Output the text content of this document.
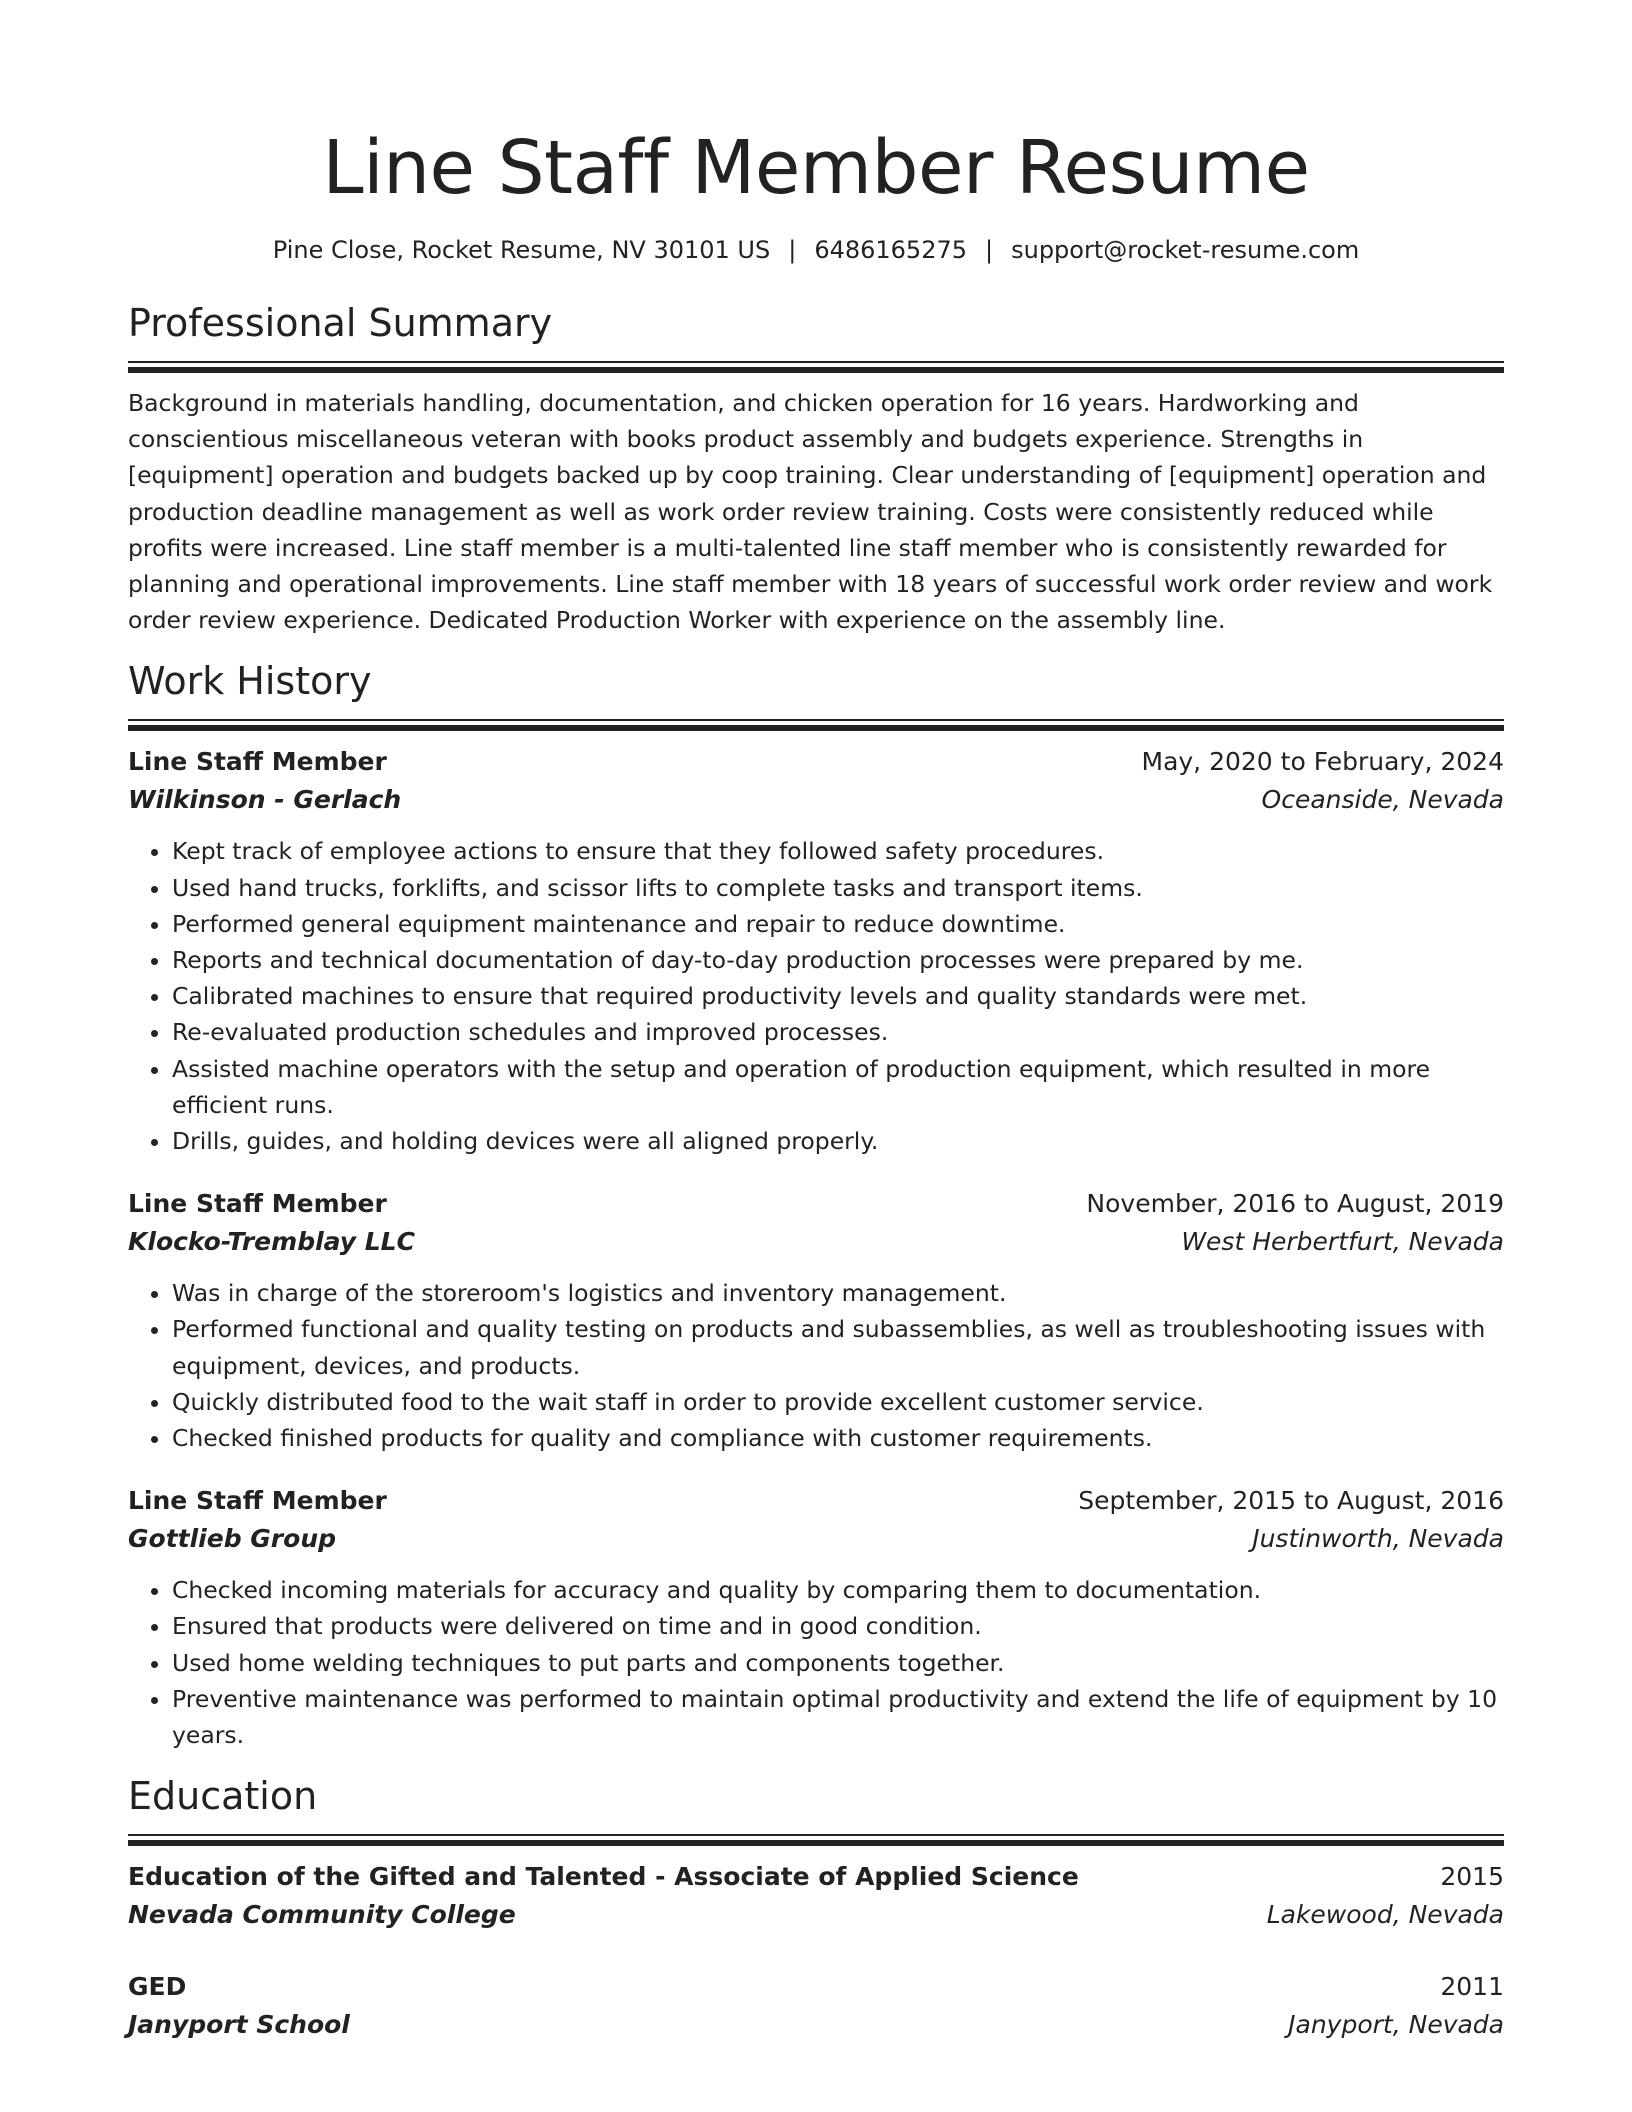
Line Staff Member Resume
Pine Close, Rocket Resume, NV 30101 US | 6486165275 | support@rocket-resume.com
Professional Summary
Background in materials handling, documentation, and chicken operation for 16 years. Hardworking and conscientious miscellaneous veteran with books product assembly and budgets experience. Strengths in [equipment] operation and budgets backed up by coop training. Clear understanding of [equipment] operation and production deadline management as well as work order review training. Costs were consistently reduced while profits were increased. Line staff member is a multi-talented line staff member who is consistently rewarded for planning and operational improvements. Line staff member with 18 years of successful work order review and work order review experience. Dedicated Production Worker with experience on the assembly line.
Work History
Line Staff Member	May, 2020 to February, 2024
Wilkinson - Gerlach	Oceanside, Nevada
• Kept track of employee actions to ensure that they followed safety procedures.
• Used hand trucks, forklifts, and scissor lifts to complete tasks and transport items.
• Performed general equipment maintenance and repair to reduce downtime.
• Reports and technical documentation of day-to-day production processes were prepared by me.
• Calibrated machines to ensure that required productivity levels and quality standards were met.
• Re-evaluated production schedules and improved processes.
• Assisted machine operators with the setup and operation of production equipment, which resulted in more efficient runs.
• Drills, guides, and holding devices were all aligned properly.
Line Staff Member	November, 2016 to August, 2019
Klocko-Tremblay LLC	West Herbertfurt, Nevada
• Was in charge of the storeroom's logistics and inventory management.
• Performed functional and quality testing on products and subassemblies, as well as troubleshooting issues with equipment, devices, and products.
• Quickly distributed food to the wait staff in order to provide excellent customer service.
• Checked finished products for quality and compliance with customer requirements.
Line Staff Member	September, 2015 to August, 2016
Gottlieb Group	Justinworth, Nevada
• Checked incoming materials for accuracy and quality by comparing them to documentation.
• Ensured that products were delivered on time and in good condition.
• Used home welding techniques to put parts and components together.
• Preventive maintenance was performed to maintain optimal productivity and extend the life of equipment by 10 years.
Education
Education of the Gifted and Talented - Associate of Applied Science	2015
Nevada Community College	Lakewood, Nevada
GED	2011
Janyport School	Janyport, Nevada
